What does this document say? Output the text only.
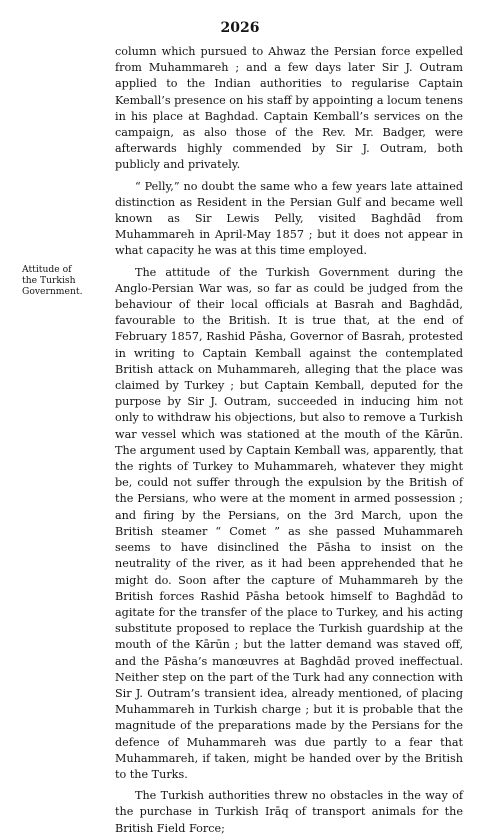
2026
Attitude of
the Turkish
Government.

column which pursued to Ahwaz the Persian force expelled from Muhammareh ; and a few days later Sir J. Outram applied to the Indian authorities to regularise Captain Kemball’s presence on his staff by appointing a locum tenens in his place at Baghdad. Captain Kemball’s services on the campaign, as also those of the Rev. Mr. Badger, were afterwards highly commended by Sir J. Outram, both publicly and privately.

“ Pelly,” no doubt the same who a few years late attained distinction as Resident in the Persian Gulf and became well known as Sir Lewis Pelly, visited Baghdād from Muhammareh in April-May 1857 ; but it does not appear in what capacity he was at this time employed.

The attitude of the Turkish Government during the Anglo-Persian War was, so far as could be judged from the behaviour of their local officials at Basrah and Baghdād, favourable to the British. It is true that, at the end of February 1857, Rashid Pāsha, Governor of Basrah, protested in writing to Captain Kemball against the contemplated British attack on Muhammareh, alleging that the place was claimed by Turkey ; but Captain Kemball, deputed for the purpose by Sir J. Outram, succeeded in inducing him not only to withdraw his objections, but also to remove a Turkish war vessel which was stationed at the mouth of the Kārūn. The argument used by Captain Kemball was, apparently, that the rights of Turkey to Muhammareh, whatever they might be, could not suffer through the expulsion by the British of the Persians, who were at the moment in armed possession ; and firing by the Persians, on the 3rd March, upon the British steamer “ Comet ” as she passed Muhammareh seems to have disinclined the Pāsha to insist on the neutrality of the river, as it had been apprehended that he might do. Soon after the capture of Muhammareh by the British forces Rashid Pāsha betook himself to Baghdād to agitate for the transfer of the place to Turkey, and his acting substitute proposed to replace the Turkish guardship at the mouth of the Kārūn ; but the latter demand was staved off, and the Pāsha’s manœuvres at Baghdād proved ineffectual. Neither step on the part of the Turk had any connection with Sir J. Outram’s transient idea, already mentioned, of placing Muhammareh in Turkish charge ; but it is probable that the magnitude of the preparations made by the Persians for the defence of Muhammareh was due partly to a fear that Muhammareh, if taken, might be handed over by the British to the Turks.

The Turkish authorities threw no obstacles in the way of the purchase in Turkish Irāq of transport animals for the British Field Force;
